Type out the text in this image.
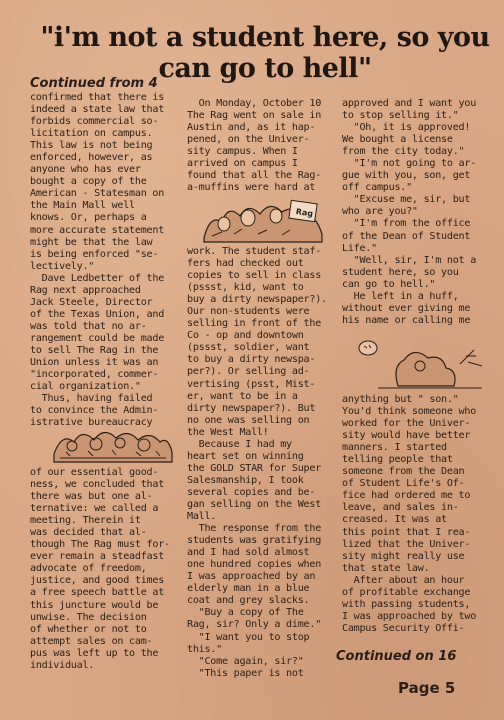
"i'm not a student here, so you
can go to hell"
Continued from 4
confirmed that there is
indeed a state law that
forbids commercial so-
licitation on campus.
This law is not being
enforced, however, as
anyone who has ever
bought a copy of the
American - Statesman on
the Main Mall well
knows. Or, perhaps a
more accurate statement
might be that the law
is being enforced "se-
lectively."
Dave Ledbetter of the
Rag next approached
Jack Steele, Director
of the Texas Union, and
was told that no ar-
rangement could be made
to sell The Rag in the
Union unless it was an
"incorporated, commer-
cial organization."
Thus, having failed
to convince the Admin-
istrative bureaucracy
of our essential good-
ness, we concluded that
there was but one al-
ternative: we called a
meeting. Therein it
was decided that al-
though The Rag must for-
ever remain a steadfast
advocate of freedom,
justice, and good times
a free speech battle at
this juncture would be
unwise. The decision
of whether or not to
attempt sales on cam-
pus was left up to the
individual.
On Monday, October 10
The Rag went on sale in
Austin and, as it hap-
pened, on the Univer-
sity campus. When I
arrived on campus I
found that all the Rag-
a-muffins were hard at
Rag
work. The student staf-
fers had checked out
copies to sell in class
(pssst, kid, want to
buy a dirty newspaper?).
Our non-students were
selling in front of the
Co - op and downtown
(pssst, soldier, want
to buy a dirty newspa-
per?). Or selling ad-
vertising (psst, Mist-
er, want to be in a
dirty newspaper?). But
no one was selling on
the West Mall!
Because I had my
heart set on winning
the GOLD STAR for Super
Salesmanship, I took
several copies and be-
gan selling on the West
Mall.
The response from the
students was gratifying
and I had sold almost
one hundred copies when
I was approached by an
elderly man in a blue
coat and grey slacks.
"Buy a copy of The
Rag, sir? Only a dime."
"I want you to stop
this."
"Come again, sir?"
"This paper is not
approved and I want you
to stop selling it."
"Oh, it is approved!
We bought a license
from the city today."
"I'm not going to ar-
gue with you, son, get
off campus."
"Excuse me, sir, but
who are you?"
"I'm from the office
of the Dean of Student
Life."
"Well, sir, I'm not a
student here, so you
can go to hell."
He left in a huff,
without ever giving me
his name or calling me
anything but " son."
You'd think someone who
worked for the Univer-
sity would have better
manners. I started
telling people that
someone from the Dean
of Student Life's Of-
fice had ordered me to
leave, and sales in-
creased. It was at
this point that I rea-
lized that the Univer-
sity might really use
that state law.
After about an hour
of profitable exchange
with passing students,
I was approached by two
Campus Security Offi-
Continued on 16
Page 5
